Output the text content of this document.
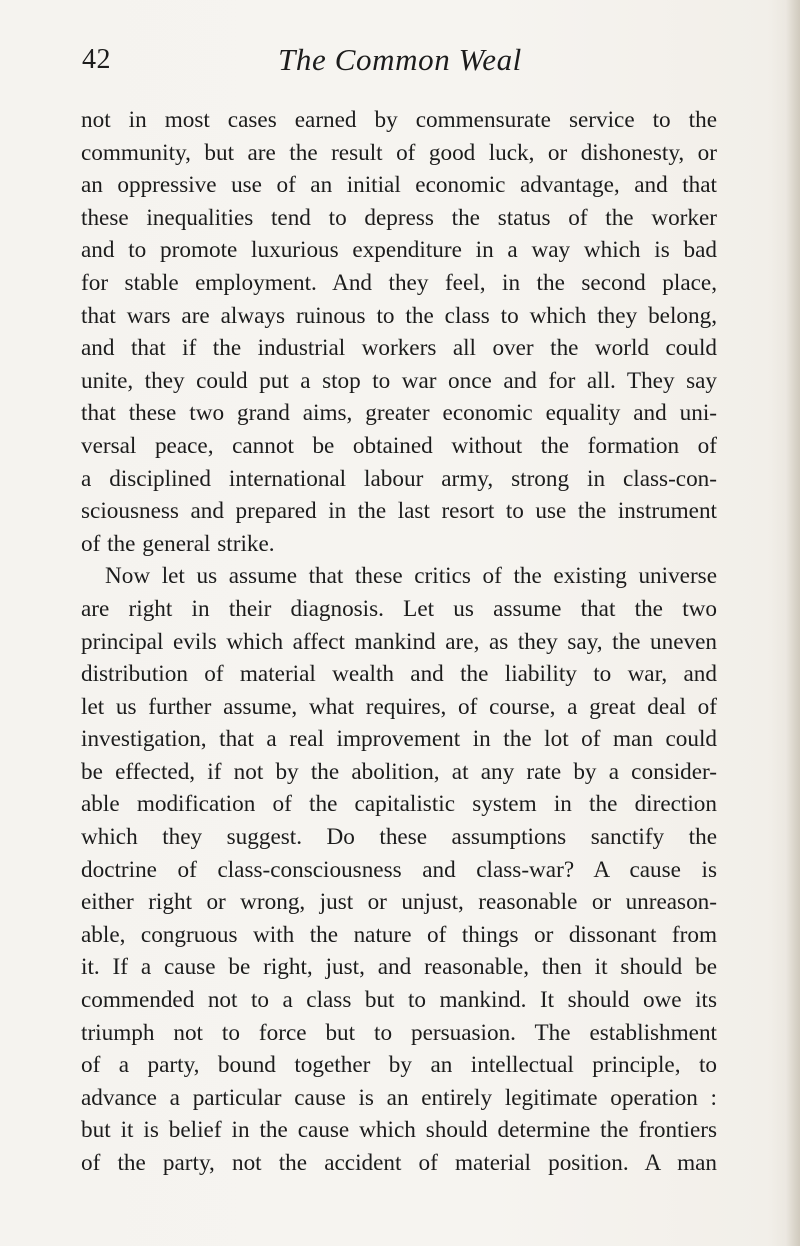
42	The Common Weal
not in most cases earned by commensurate service to the
community, but are the result of good luck, or dishonesty, or
an oppressive use of an initial economic advantage, and that
these inequalities tend to depress the status of the worker
and to promote luxurious expenditure in a way which is bad
for stable employment. And they feel, in the second place,
that wars are always ruinous to the class to which they belong,
and that if the industrial workers all over the world could
unite, they could put a stop to war once and for all. They say
that these two grand aims, greater economic equality and uni-
versal peace, cannot be obtained without the formation of
a disciplined international labour army, strong in class-con-
sciousness and prepared in the last resort to use the instrument
of the general strike.
Now let us assume that these critics of the existing universe
are right in their diagnosis. Let us assume that the two
principal evils which affect mankind are, as they say, the uneven
distribution of material wealth and the liability to war, and
let us further assume, what requires, of course, a great deal of
investigation, that a real improvement in the lot of man could
be effected, if not by the abolition, at any rate by a consider-
able modification of the capitalistic system in the direction
which they suggest. Do these assumptions sanctify the
doctrine of class-consciousness and class-war? A cause is
either right or wrong, just or unjust, reasonable or unreason-
able, congruous with the nature of things or dissonant from
it. If a cause be right, just, and reasonable, then it should be
commended not to a class but to mankind. It should owe its
triumph not to force but to persuasion. The establishment
of a party, bound together by an intellectual principle, to
advance a particular cause is an entirely legitimate operation :
but it is belief in the cause which should determine the frontiers
of the party, not the accident of material position. A man
